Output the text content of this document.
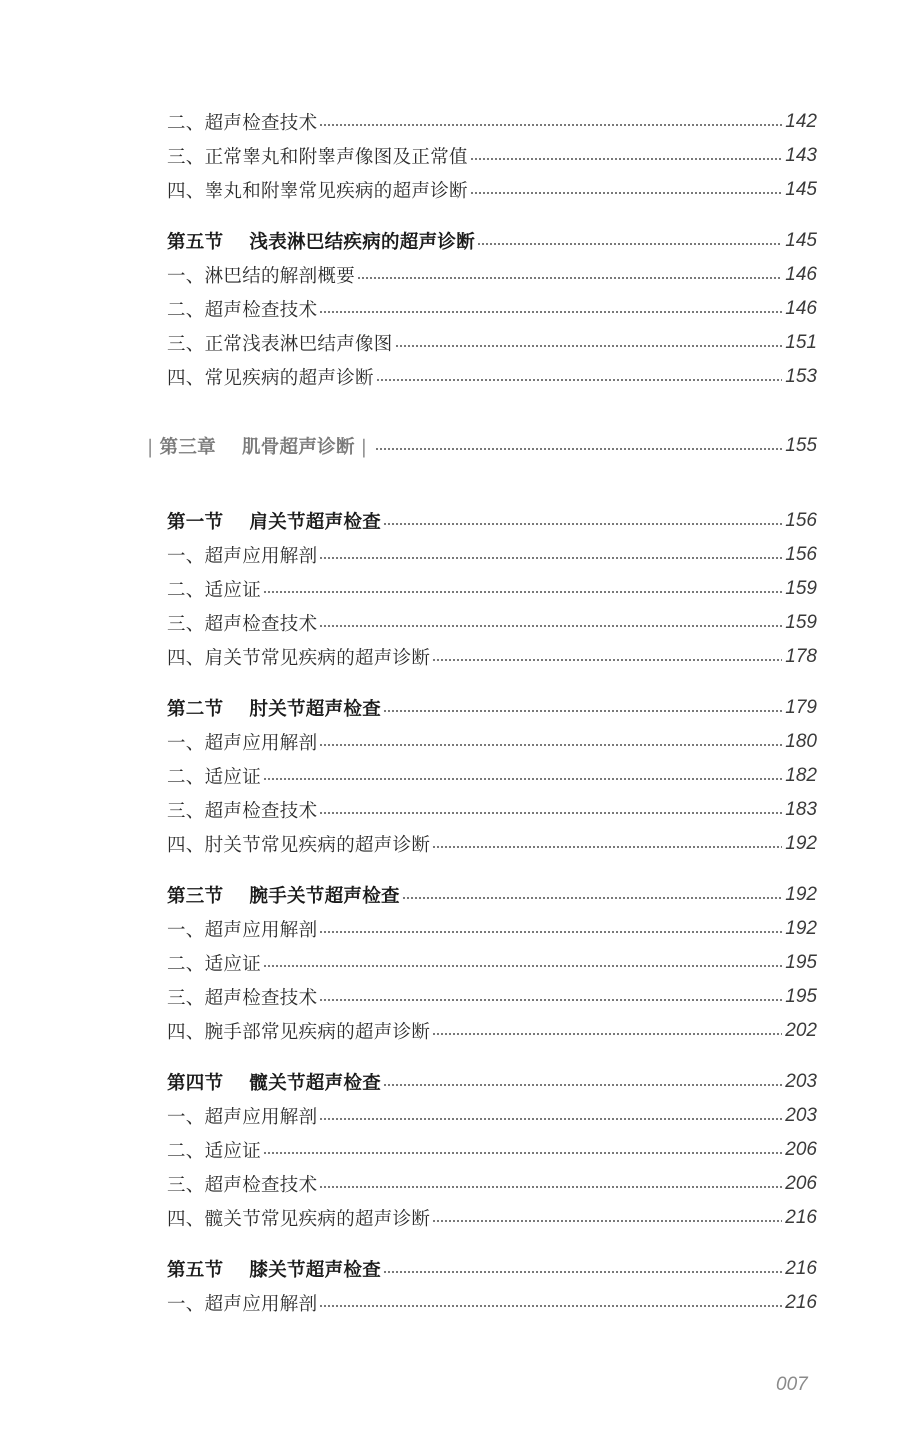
二、超声检查技术	142
三、正常睾丸和附睾声像图及正常值	143
四、睾丸和附睾常见疾病的超声诊断	145
第五节 浅表淋巴结疾病的超声诊断	145
一、淋巴结的解剖概要	146
二、超声检查技术	146
三、正常浅表淋巴结声像图	151
四、常见疾病的超声诊断	153
| 第三章 肌骨超声诊断 |	155
第一节 肩关节超声检查	156
一、超声应用解剖	156
二、适应证	159
三、超声检查技术	159
四、肩关节常见疾病的超声诊断	178
第二节 肘关节超声检查	179
一、超声应用解剖	180
二、适应证	182
三、超声检查技术	183
四、肘关节常见疾病的超声诊断	192
第三节 腕手关节超声检查	192
一、超声应用解剖	192
二、适应证	195
三、超声检查技术	195
四、腕手部常见疾病的超声诊断	202
第四节 髋关节超声检查	203
一、超声应用解剖	203
二、适应证	206
三、超声检查技术	206
四、髋关节常见疾病的超声诊断	216
第五节 膝关节超声检查	216
一、超声应用解剖	216
007
